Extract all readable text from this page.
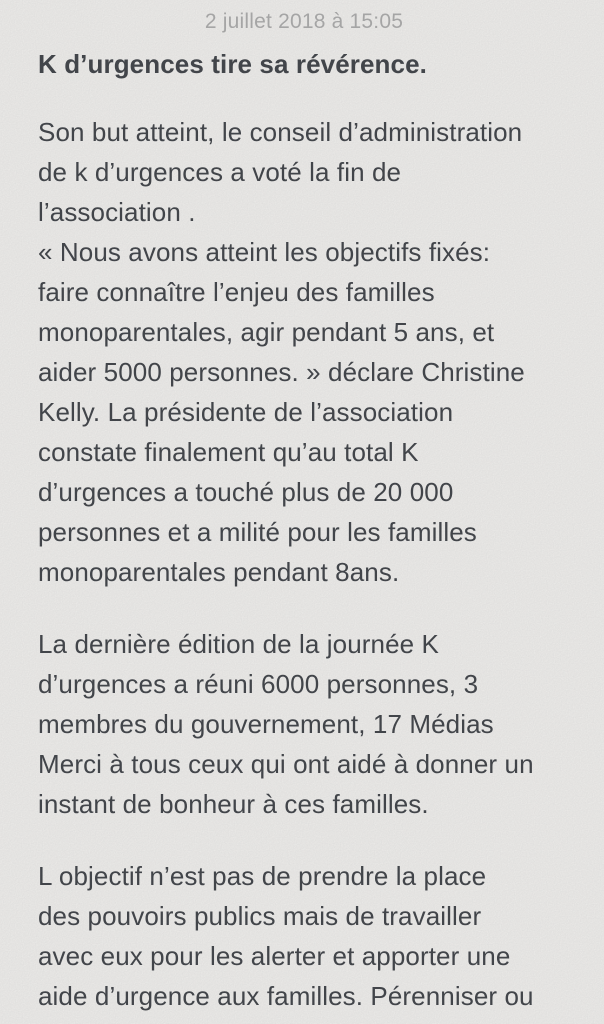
2 juillet 2018 à 15:05
K d’urgences tire sa révérence.
Son but atteint, le conseil d’administration
de k d’urgences a voté la fin de
l’association .
« Nous avons atteint les objectifs fixés:
faire connaître l’enjeu des familles
monoparentales, agir pendant 5 ans, et
aider 5000 personnes. » déclare Christine
Kelly. La présidente de l’association
constate finalement qu’au total K
d’urgences a touché plus de 20 000
personnes et a milité pour les familles
monoparentales pendant 8ans.
La dernière édition de la journée K
d’urgences a réuni 6000 personnes, 3
membres du gouvernement, 17 Médias
Merci à tous ceux qui ont aidé à donner un
instant de bonheur à ces familles.
L objectif n’est pas de prendre la place
des pouvoirs publics mais de travailler
avec eux pour les alerter et apporter une
aide d’urgence aux familles. Pérenniser ou
